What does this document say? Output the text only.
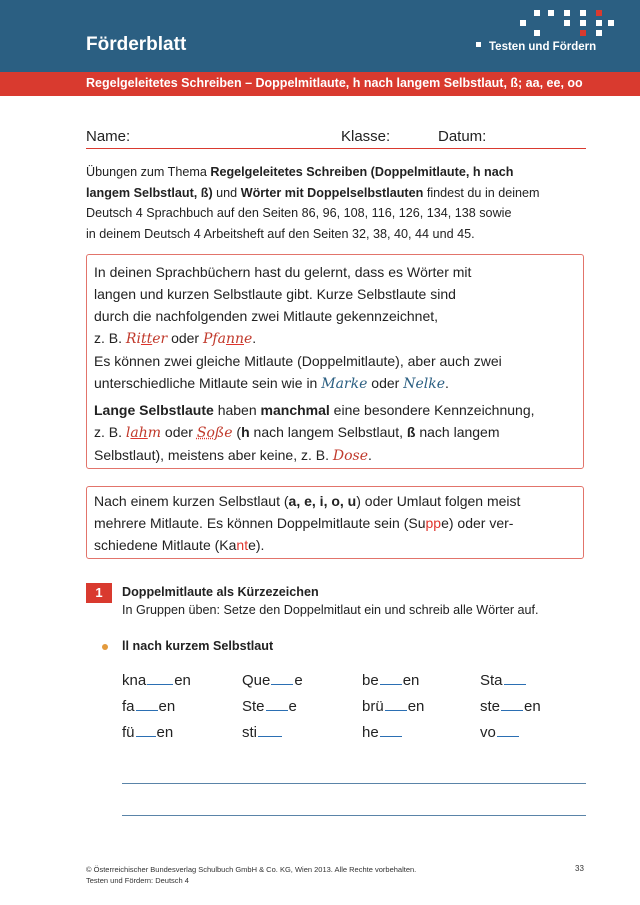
Förderblatt	Testen und Fördern
Regelgeleitetes Schreiben – Doppelmitlaute, h nach langem Selbstlaut, ß; aa, ee, oo
Name:	Klasse:	Datum:
Übungen zum Thema Regelgeleitetes Schreiben (Doppelmitlaute, h nach
langem Selbstlaut, ß) und Wörter mit Doppelselbstlauten findest du in deinem
Deutsch 4 Sprachbuch auf den Seiten 86, 96, 108, 116, 126, 134, 138 sowie
in deinem Deutsch 4 Arbeitsheft auf den Seiten 32, 38, 40, 44 und 45.
In deinen Sprachbüchern hast du gelernt, dass es Wörter mit
langen und kurzen Selbstlaute gibt. Kurze Selbstlaute sind
durch die nachfolgenden zwei Mitlaute gekennzeichnet,
z. B. Ritter oder Pfanne.
Es können zwei gleiche Mitlaute (Doppelmitlaute), aber auch zwei
unterschiedliche Mitlaute sein wie in Marke oder Nelke.
Lange Selbstlaute haben manchmal eine besondere Kennzeichnung,
z. B. lahm oder Soße (h nach langem Selbstlaut, ß nach langem
Selbstlaut), meistens aber keine, z. B. Dose.
Nach einem kurzen Selbstlaut (a, e, i, o, u) oder Umlaut folgen meist
mehrere Mitlaute. Es können Doppelmitlaute sein (Suppe) oder ver-
schiedene Mitlaute (Kante).
1	Doppelmitlaute als Kürzezeichen
In Gruppen üben: Setze den Doppelmitlaut ein und schreib alle Wörter auf.
ll nach kurzem Selbstlaut
kna en	Que e	be en	Sta
fa en	Ste e	brü en	ste en
fü en	sti	he	vo
© Österreichischer Bundesverlag Schulbuch GmbH & Co. KG, Wien 2013. Alle Rechte vorbehalten.
Testen und Fördern: Deutsch 4
33
